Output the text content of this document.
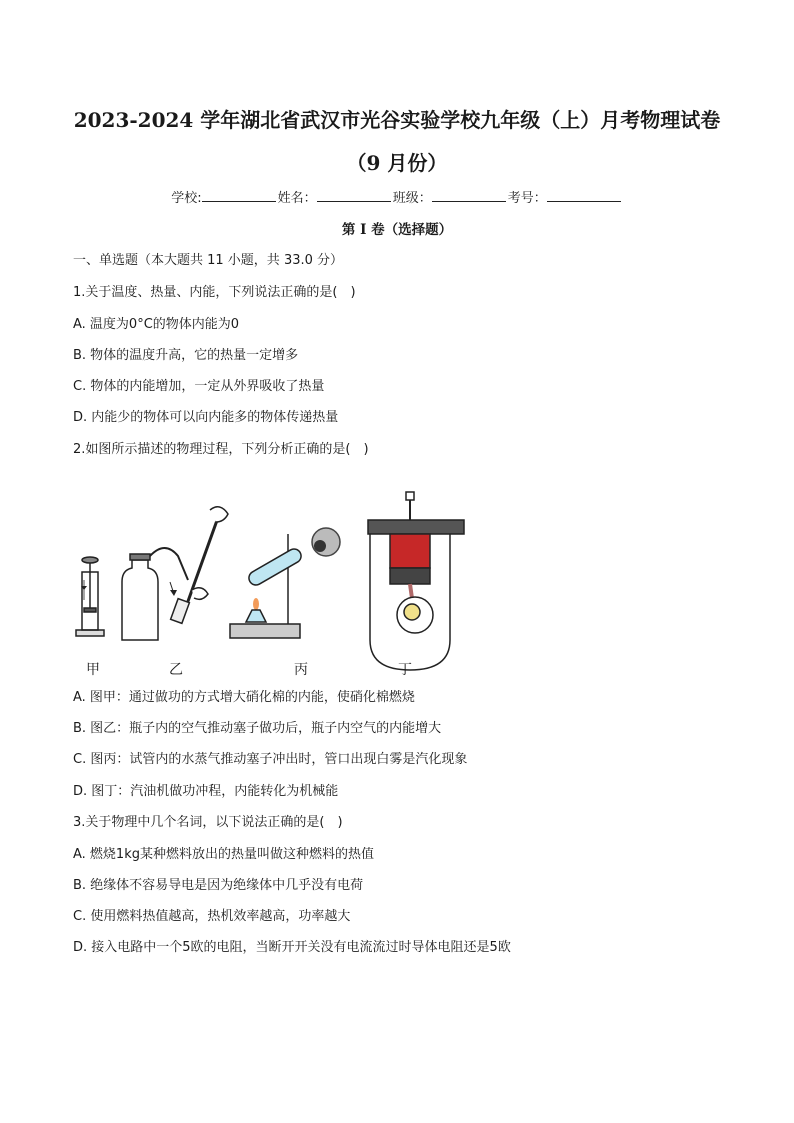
2023-2024 学年湖北省武汉市光谷实验学校九年级（上）月考物理试卷
（9 月份）
学校:	姓名：	班级：	考号：
第 I 卷（选择题）
一、单选题（本大题共 11 小题，共 33.0 分）
1.关于温度、热量、内能，下列说法正确的是(　)
A. 温度为0°C的物体内能为0
B. 物体的温度升高，它的热量一定增多
C. 物体的内能增加，一定从外界吸收了热量
D. 内能少的物体可以向内能多的物体传递热量
2.如图所示描述的物理过程，下列分析正确的是(　)
甲	乙	丙	丁
A. 图甲：通过做功的方式增大硝化棉的内能，使硝化棉燃烧
B. 图乙：瓶子内的空气推动塞子做功后，瓶子内空气的内能增大
C. 图丙：试管内的水蒸气推动塞子冲出时，管口出现白雾是汽化现象
D. 图丁：汽油机做功冲程，内能转化为机械能
3.关于物理中几个名词，以下说法正确的是(　)
A. 燃烧1kg某种燃料放出的热量叫做这种燃料的热值
B. 绝缘体不容易导电是因为绝缘体中几乎没有电荷
C. 使用燃料热值越高，热机效率越高，功率越大
D. 接入电路中一个5欧的电阻，当断开开关没有电流流过时导体电阻还是5欧
